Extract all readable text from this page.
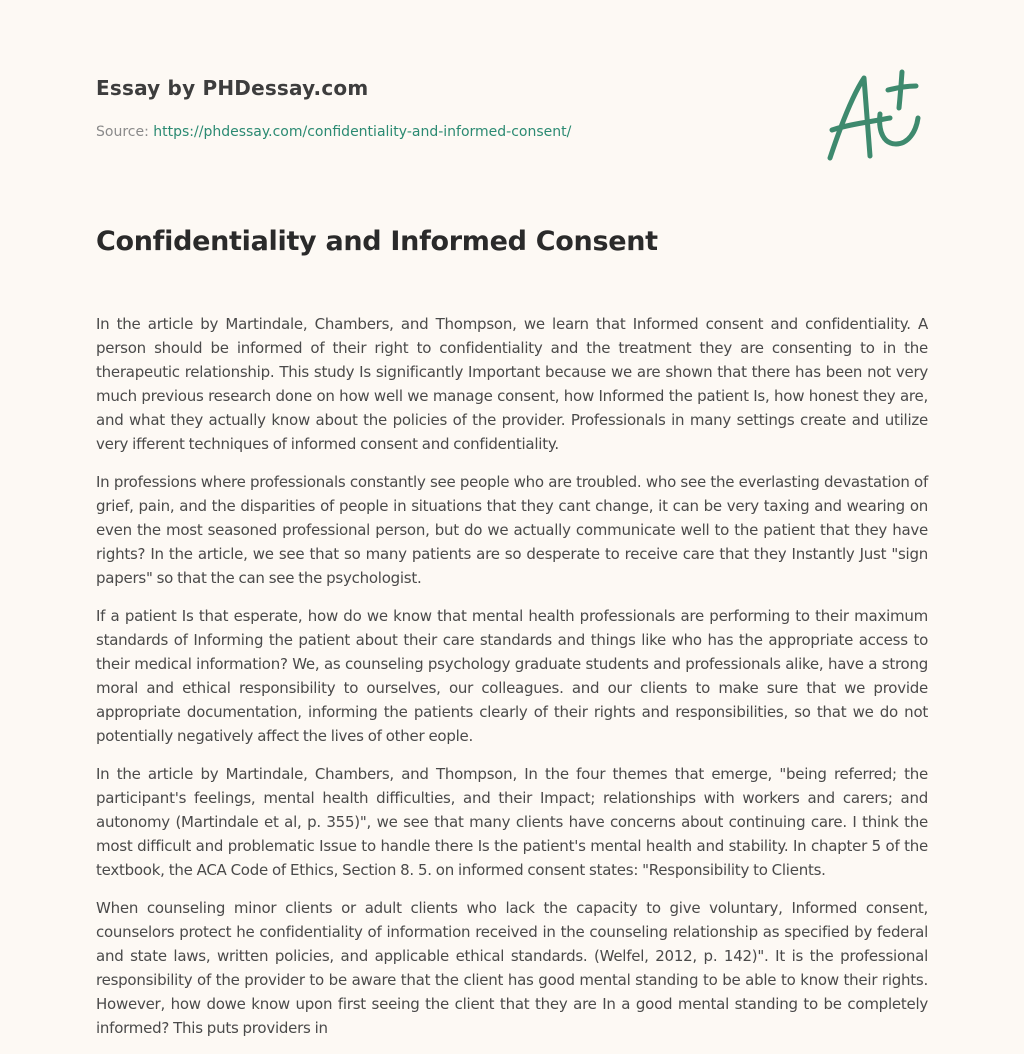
Essay by PHDessay.com
Source: https://phdessay.com/confidentiality-and-informed-consent/
Confidentiality and Informed Consent

In the article by Martindale, Chambers, and Thompson, we learn that Informed consent and confidentiality. A person should be informed of their right to confidentiality and the treatment they are consenting to in the therapeutic relationship. This study Is significantly Important because we are shown that there has been not very much previous research done on how well we manage consent, how Informed the patient Is, how honest they are, and what they actually know about the policies of the provider. Professionals in many settings create and utilize very ifferent techniques of informed consent and confidentiality.

In professions where professionals constantly see people who are troubled. who see the everlasting devastation of grief, pain, and the disparities of people in situations that they cant change, it can be very taxing and wearing on even the most seasoned professional person, but do we actually communicate well to the patient that they have rights? In the article, we see that so many patients are so desperate to receive care that they Instantly Just "sign papers" so that the can see the psychologist.

If a patient Is that esperate, how do we know that mental health professionals are performing to their maximum standards of Informing the patient about their care standards and things like who has the appropriate access to their medical information? We, as counseling psychology graduate students and professionals alike, have a strong moral and ethical responsibility to ourselves, our colleagues. and our clients to make sure that we provide appropriate documentation, informing the patients clearly of their rights and responsibilities, so that we do not potentially negatively affect the lives of other eople.

In the article by Martindale, Chambers, and Thompson, In the four themes that emerge, "being referred; the participant's feelings, mental health difficulties, and their Impact; relationships with workers and carers; and autonomy (Martindale et al, p. 355)", we see that many clients have concerns about continuing care. I think the most difficult and problematic Issue to handle there Is the patient's mental health and stability. In chapter 5 of the textbook, the ACA Code of Ethics, Section 8. 5. on informed consent states: "Responsibility to Clients.

When counseling minor clients or adult clients who lack the capacity to give voluntary, Informed consent, counselors protect he confidentiality of information received in the counseling relationship as specified by federal and state laws, written policies, and applicable ethical standards. (Welfel, 2012, p. 142)". It is the professional responsibility of the provider to be aware that the client has good mental standing to be able to know their rights. However, how dowe know upon first seeing the client that they are In a good mental standing to be completely informed? This puts providers in
